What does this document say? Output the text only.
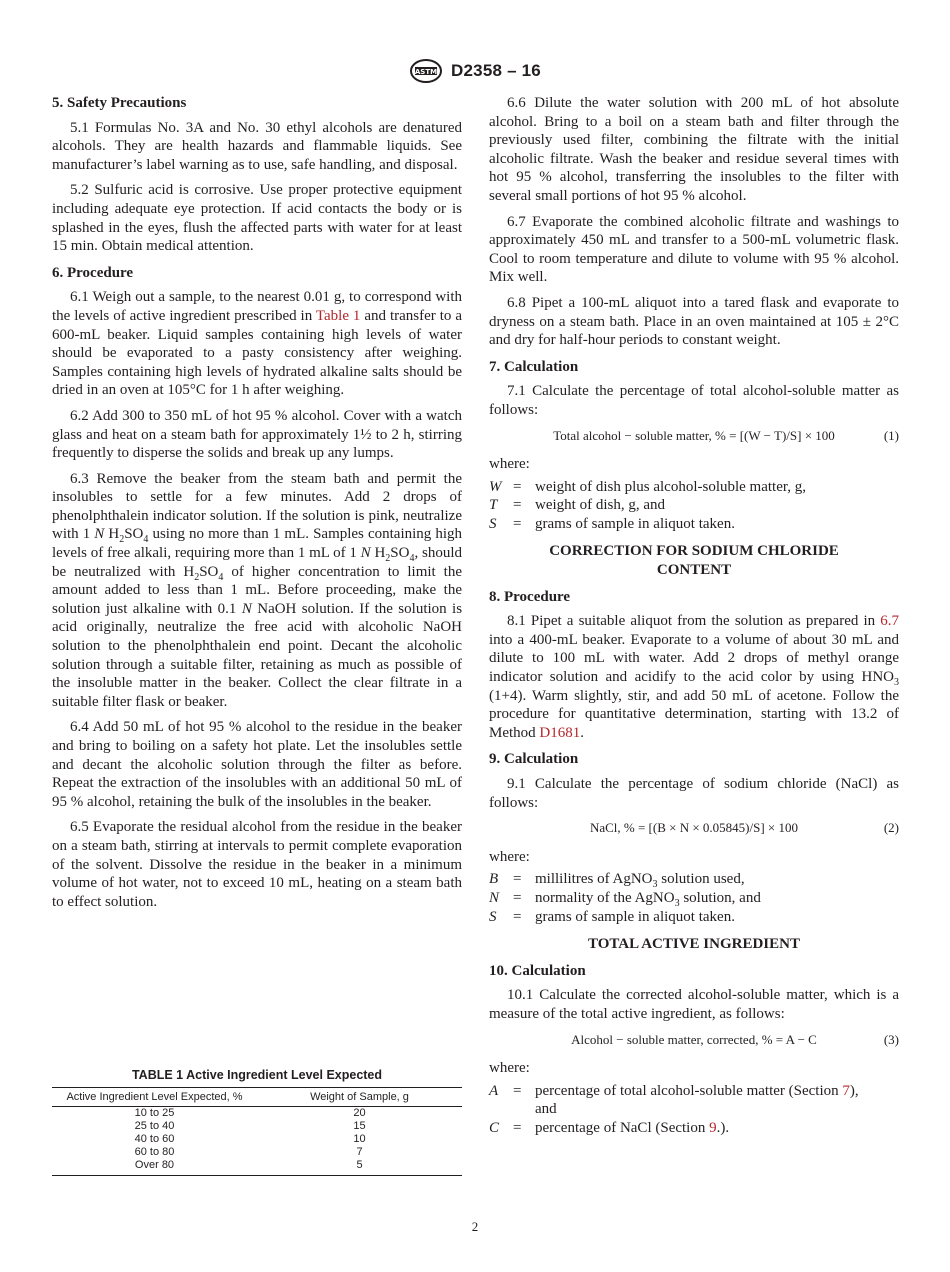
ASTM D2358 – 16
5. Safety Precautions

5.1 Formulas No. 3A and No. 30 ethyl alcohols are denatured alcohols. They are health hazards and flammable liquids. See manufacturer’s label warning as to use, safe handling, and disposal.

5.2 Sulfuric acid is corrosive. Use proper protective equipment including adequate eye protection. If acid contacts the body or is splashed in the eyes, flush the affected parts with water for at least 15 min. Obtain medical attention.

6. Procedure

6.1 Weigh out a sample, to the nearest 0.01 g, to correspond with the levels of active ingredient prescribed in Table 1 and transfer to a 600-mL beaker. Liquid samples containing high levels of water should be evaporated to a pasty consistency after weighing. Samples containing high levels of hydrated alkaline salts should be dried in an oven at 105°C for 1 h after weighing.

6.2 Add 300 to 350 mL of hot 95 % alcohol. Cover with a watch glass and heat on a steam bath for approximately 1½ to 2 h, stirring frequently to disperse the solids and break up any lumps.

6.3 Remove the beaker from the steam bath and permit the insolubles to settle for a few minutes. Add 2 drops of phenolphthalein indicator solution. If the solution is pink, neutralize with 1 N $H_2SO_4$ using no more than 1 mL. Samples containing high levels of free alkali, requiring more than 1 mL of 1 N $H_2SO_4$, should be neutralized with $H_2SO_4$ of higher concentration to limit the amount added to less than 1 mL. Before proceeding, make the solution just alkaline with 0.1 N NaOH solution. If the solution is acid originally, neutralize the free acid with alcoholic NaOH solution to the phenolphthalein end point. Decant the alcoholic solution through a suitable filter, retaining as much as possible of the insoluble matter in the beaker. Collect the clear filtrate in a suitable filter flask or beaker.

6.4 Add 50 mL of hot 95 % alcohol to the residue in the beaker and bring to boiling on a safety hot plate. Let the insolubles settle and decant the alcoholic solution through the filter as before. Repeat the extraction of the insolubles with an additional 50 mL of 95 % alcohol, retaining the bulk of the insolubles in the beaker.

6.5 Evaporate the residual alcohol from the residue in the beaker on a steam bath, stirring at intervals to permit complete evaporation of the solvent. Dissolve the residue in the beaker in a minimum volume of hot water, not to exceed 10 mL, heating on a steam bath to effect solution.

TABLE 1 Active Ingredient Level Expected
Active Ingredient Level Expected, %	Weight of Sample, g
10 to 25	20
25 to 40	15
40 to 60	10
60 to 80	7
Over 80	5

6.6 Dilute the water solution with 200 mL of hot absolute alcohol. Bring to a boil on a steam bath and filter through the previously used filter, combining the filtrate with the initial alcoholic filtrate. Wash the beaker and residue several times with hot 95 % alcohol, transferring the insolubles to the filter with several small portions of hot 95 % alcohol.

6.7 Evaporate the combined alcoholic filtrate and washings to approximately 450 mL and transfer to a 500-mL volumetric flask. Cool to room temperature and dilute to volume with 95 % alcohol. Mix well.

6.8 Pipet a 100-mL aliquot into a tared flask and evaporate to dryness on a steam bath. Place in an oven maintained at 105 ± 2°C and dry for half-hour periods to constant weight.

7. Calculation

7.1 Calculate the percentage of total alcohol-soluble matter as follows:

Total alcohol − soluble matter, % = [(W − T)/S] × 100	(1)
where:
W = weight of dish plus alcohol-soluble matter, g,
T	= weight of dish, g, and
S	= grams of sample in aliquot taken.
CORRECTION FOR SODIUM CHLORIDE
CONTENT
8. Procedure

8.1 Pipet a suitable aliquot from the solution as prepared in 6.7 into a 400-mL beaker. Evaporate to a volume of about 30 mL and dilute to 100 mL with water. Add 2 drops of methyl orange indicator solution and acidify to the acid color by using $HNO_3$ (1+4). Warm slightly, stir, and add 50 mL of acetone. Follow the procedure for quantitative determination, starting with 13.2 of Method D1681.

9. Calculation

9.1 Calculate the percentage of sodium chloride (NaCl) as follows:

NaCl, % = [(B × N × 0.05845)/S] × 100	(2)
where:
B = millilitres of AgNO$_3$ solution used,
N = normality of the AgNO$_3$ solution, and
S	= grams of sample in aliquot taken.
TOTAL ACTIVE INGREDIENT
10. Calculation

10.1 Calculate the corrected alcohol-soluble matter, which is a measure of the total active ingredient, as follows:

Alcohol − soluble matter, corrected, % = A − C	(3)
where:
A = percentage of total alcohol-soluble matter (Section 7),
and
C = percentage of NaCl (Section 9.).
2
